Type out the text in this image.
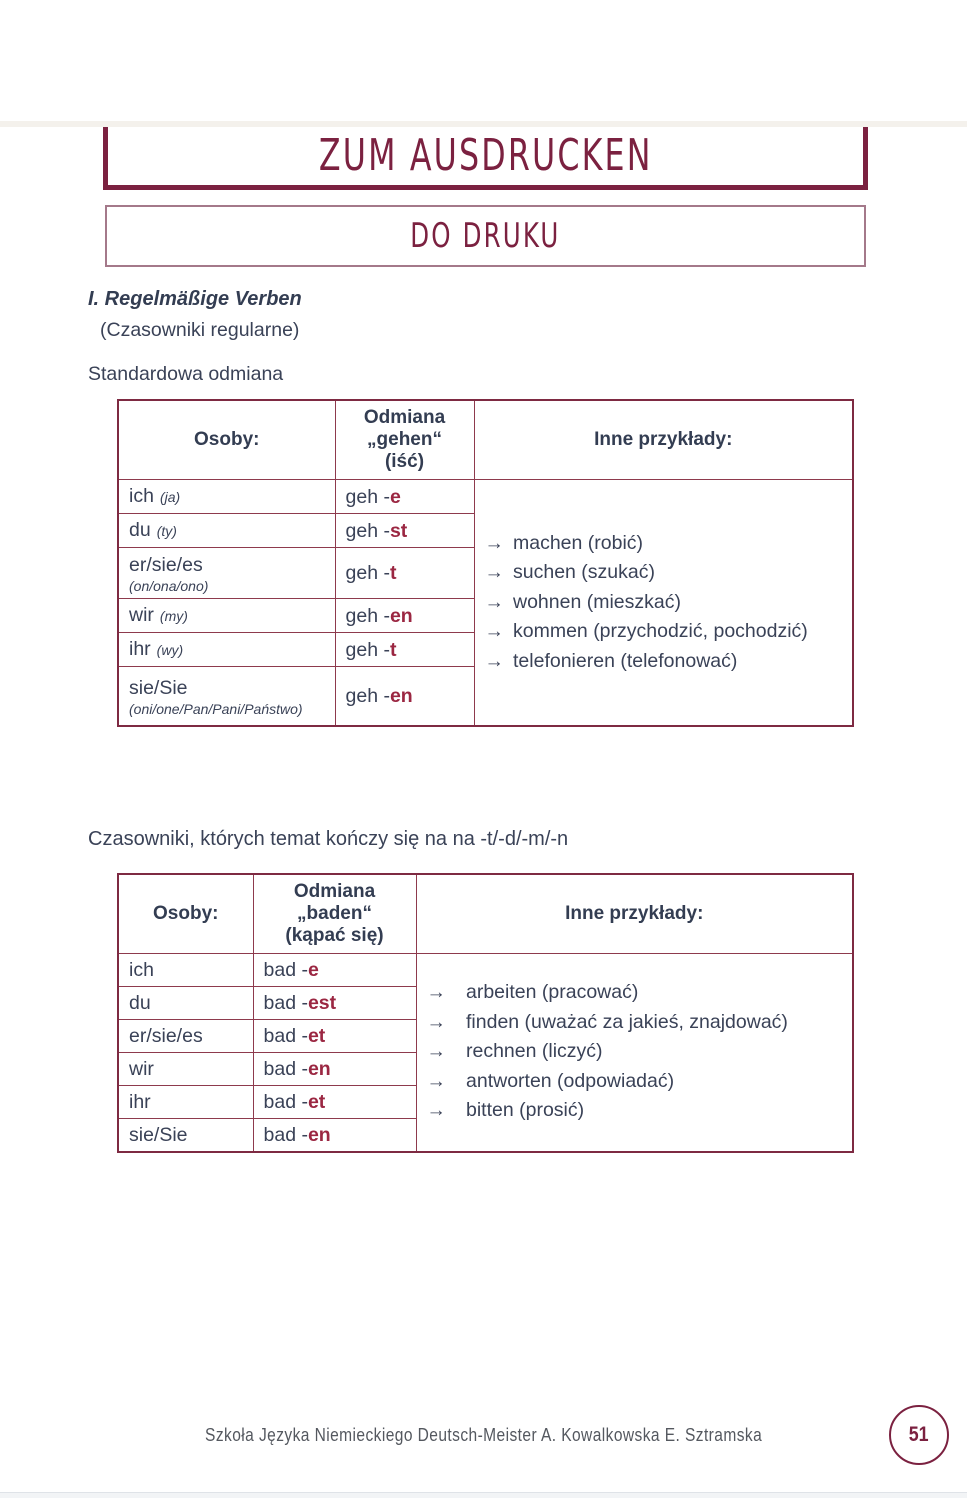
ZUM AUSDRUCKEN
DO DRUKU
I. Regelmäßige Verben
(Czasowniki regularne)
Standardowa odmiana
Osoby:	Odmiana
„gehen“
(iść)	Inne przykłady:
ich (ja)	geh -e	
→ machen (robić)
→ suchen (szukać)
→ wohnen (mieszkać)
→ kommen (przychodzić, pochodzić)
→ telefonieren (telefonować)

du (ty)	geh -st	
er/sie/es
(on/ona/ono)	geh -t	
wir (my)	geh -en	
ihr (wy)	geh -t	
sie/Sie
(oni/one/Pan/Pani/Państwo)	geh -en	
Czasowniki, których temat kończy się na na -t/-d/-m/-n
Osoby:	Odmiana
„baden“
(kąpać się)	Inne przykłady:
ich	bad -e	
→ arbeiten (pracować)
→ finden (uważać za jakieś, znajdować)
→ rechnen (liczyć)
→ antworten (odpowiadać)
→ bitten (prosić)

du	bad -est	
er/sie/es	bad -et	
wir	bad -en	
ihr	bad -et	
sie/Sie	bad -en	
Szkoła Języka Niemieckiego Deutsch-Meister A. Kowalkowska E. Sztramska	51
